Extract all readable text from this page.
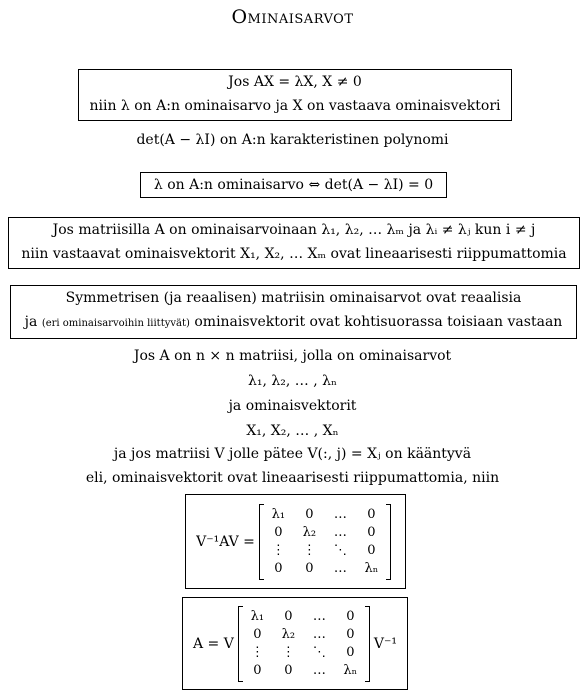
Ominaisarvot
Jos AX = λX, X ≠ 0
niin λ on A:n ominaisarvo ja X on vastaava ominaisvektori
det(A − λI) on A:n karakteristinen polynomi
λ on A:n ominaisarvo ⇔ det(A − λI) = 0
Jos matriisilla A on ominaisarvoinaan λ₁, λ₂, … λₘ ja λᵢ ≠ λⱼ kun i ≠ j
niin vastaavat ominaisvektorit X₁, X₂, … Xₘ ovat lineaarisesti riippumattomia
Symmetrisen (ja reaalisen) matriisin ominaisarvot ovat reaalisia
ja (eri ominaisarvoihin liittyvät) ominaisvektorit ovat kohtisuorassa toisiaan vastaan
Jos A on n × n matriisi, jolla on ominaisarvot
λ₁, λ₂, … , λₙ
ja ominaisvektorit
X₁, X₂, … , Xₙ
ja jos matriisi V jolle pätee V(:, j) = Xⱼ on kääntyvä
eli, ominaisvektorit ovat lineaarisesti riippumattomia, niin
V⁻¹AV =
λ₁	0	…	0
0	λ₂	…	0
⋮	⋮	⋱	0
0	0	…	λₙ
A = V
λ₁	0	…	0
0	λ₂	…	0
⋮	⋮	⋱	0
0	0	…	λₙ
V⁻¹
